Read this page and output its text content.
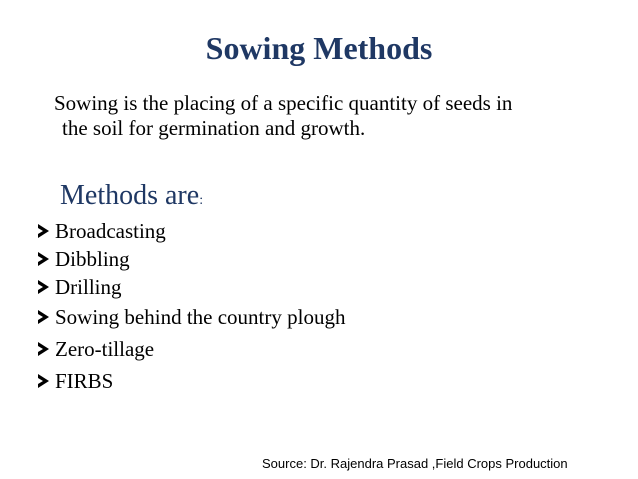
Sowing Methods
Sowing is the placing of a specific quantity of seeds in
the soil for germination and growth.
Methods are:
Broadcasting
Dibbling
Drilling
Sowing behind the country plough
Zero-tillage
FIRBS
Source: Dr. Rajendra Prasad ,Field Crops Production
